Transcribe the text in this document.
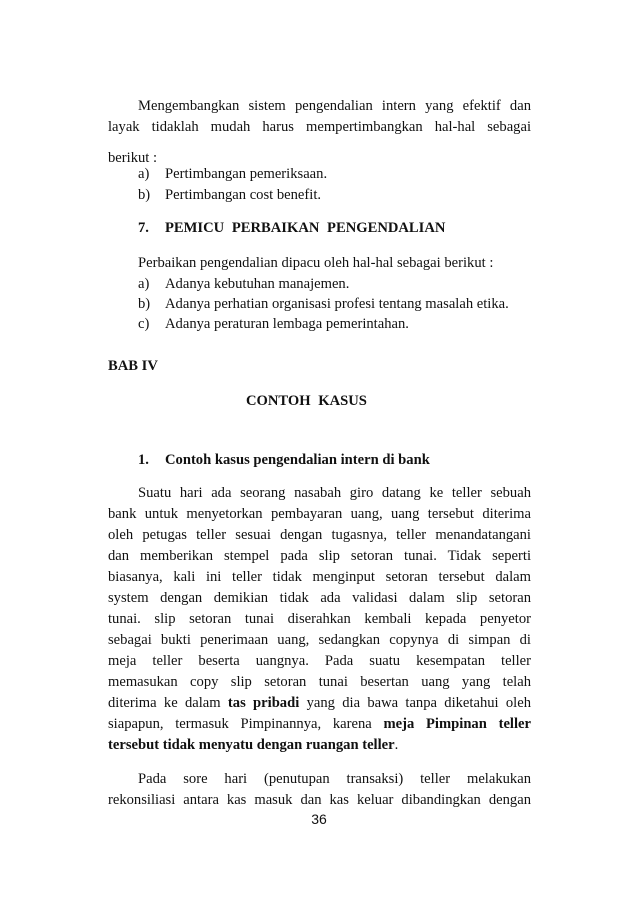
Mengembangkan sistem pengendalian intern yang efektif dan
layak tidaklah mudah harus mempertimbangkan hal-hal sebagai
berikut :
a) Pertimbangan pemeriksaan.
b) Pertimbangan cost benefit.
7. PEMICU PERBAIKAN PENGENDALIAN
Perbaikan pengendalian dipacu oleh hal-hal sebagai berikut :
a) Adanya kebutuhan manajemen.
b) Adanya perhatian organisasi profesi tentang masalah etika.
c) Adanya peraturan lembaga pemerintahan.
BAB IV
CONTOH KASUS
1. Contoh kasus pengendalian intern di bank
Suatu hari ada seorang nasabah giro datang ke teller sebuah
bank untuk menyetorkan pembayaran uang, uang tersebut diterima
oleh petugas teller sesuai dengan tugasnya, teller menandatangani
dan memberikan stempel pada slip setoran tunai. Tidak seperti
biasanya, kali ini teller tidak menginput setoran tersebut dalam
system dengan demikian tidak ada validasi dalam slip setoran
tunai. slip setoran tunai diserahkan kembali kepada penyetor
sebagai bukti penerimaan uang, sedangkan copynya di simpan di
meja teller beserta uangnya. Pada suatu kesempatan teller
memasukan copy slip setoran tunai besertan uang yang telah
diterima ke dalam tas pribadi yang dia bawa tanpa diketahui oleh
siapapun, termasuk Pimpinannya, karena meja Pimpinan teller
tersebut tidak menyatu dengan ruangan teller.
Pada sore hari (penutupan transaksi) teller melakukan
rekonsiliasi antara kas masuk dan kas keluar dibandingkan dengan
36
